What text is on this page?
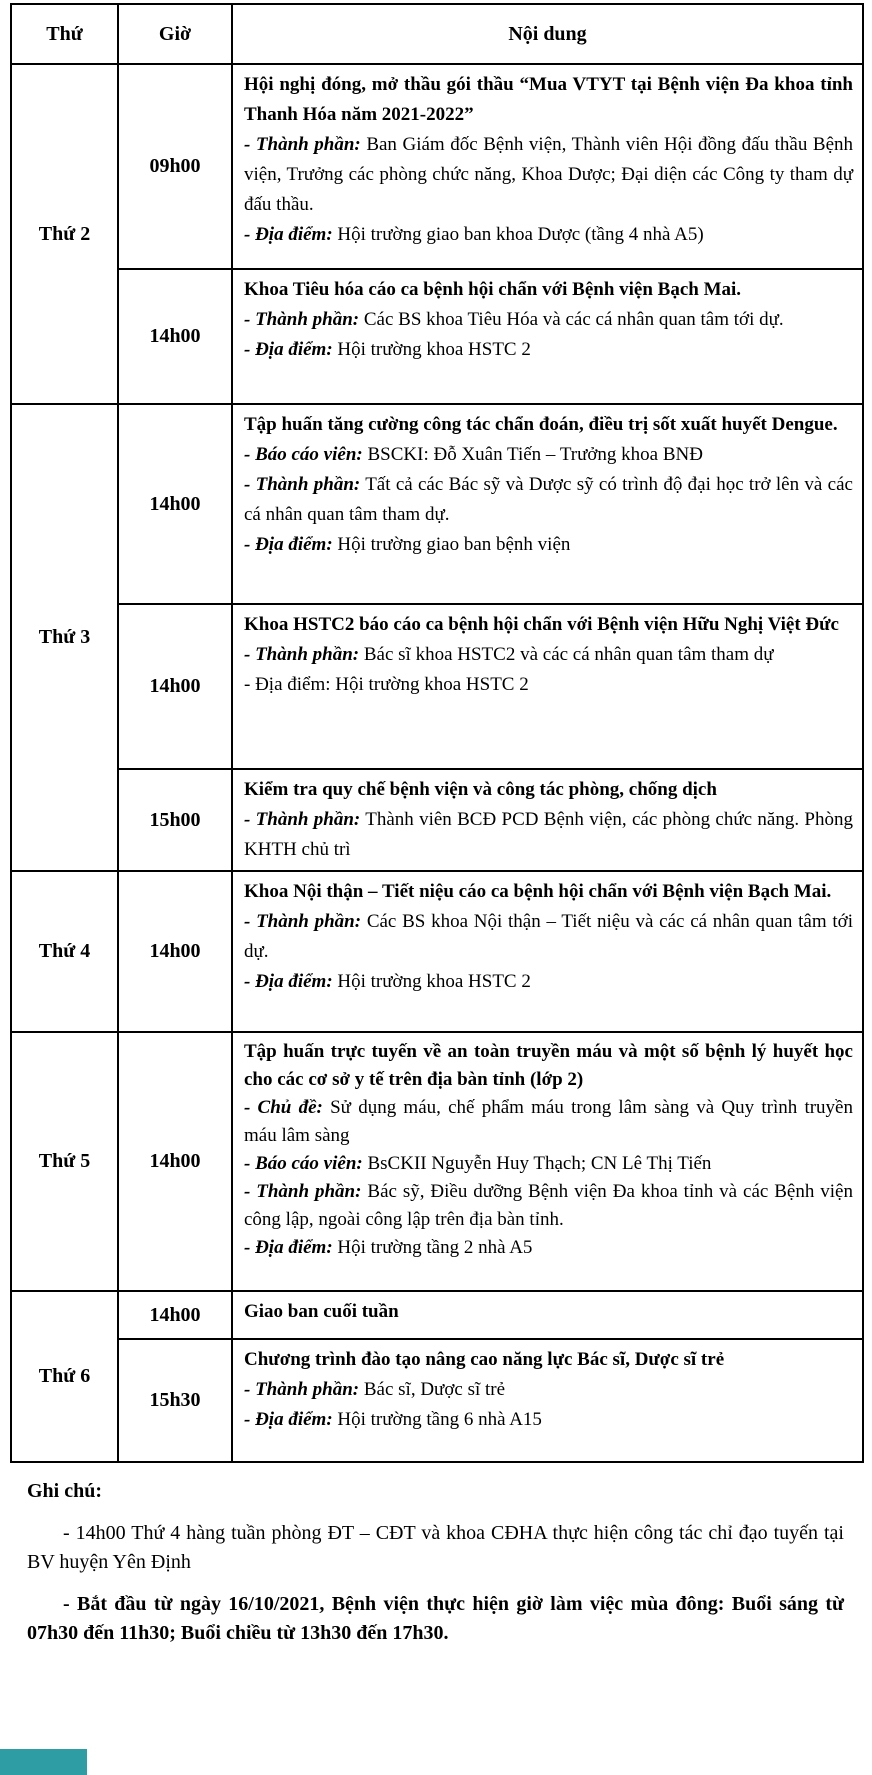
Thứ	Giờ	Nội dung
Thứ 2	09h00	Hội nghị đóng, mở thầu gói thầu “Mua VTYT tại Bệnh viện Đa khoa tỉnh Thanh Hóa năm 2021-2022”

- Thành phần: Ban Giám đốc Bệnh viện, Thành viên Hội đồng đấu thầu Bệnh viện, Trưởng các phòng chức năng, Khoa Dược; Đại diện các Công ty tham dự đấu thầu.

- Địa điểm: Hội trường giao ban khoa Dược (tầng 4 nhà A5)

	14h00	Khoa Tiêu hóa cáo ca bệnh hội chẩn với Bệnh viện Bạch Mai.

- Thành phần: Các BS khoa Tiêu Hóa và các cá nhân quan tâm tới dự.

- Địa điểm: Hội trường khoa HSTC 2

Thứ 3	14h00	Tập huấn tăng cường công tác chẩn đoán, điều trị sốt xuất huyết Dengue.

- Báo cáo viên: BSCKI: Đỗ Xuân Tiến – Trưởng khoa BNĐ

- Thành phần: Tất cả các Bác sỹ và Dược sỹ có trình độ đại học trở lên và các cá nhân quan tâm tham dự.

- Địa điểm: Hội trường giao ban bệnh viện

	14h00	Khoa HSTC2 báo cáo ca bệnh hội chẩn với Bệnh viện Hữu Nghị Việt Đức

- Thành phần: Bác sĩ khoa HSTC2 và các cá nhân quan tâm tham dự

- Địa điểm: Hội trường khoa HSTC 2

	15h00	Kiểm tra quy chế bệnh viện và công tác phòng, chống dịch

- Thành phần: Thành viên BCĐ PCD Bệnh viện, các phòng chức năng. Phòng KHTH chủ trì

Thứ 4	14h00	Khoa Nội thận – Tiết niệu cáo ca bệnh hội chẩn với Bệnh viện Bạch Mai.

- Thành phần: Các BS khoa Nội thận – Tiết niệu và các cá nhân quan tâm tới dự.

- Địa điểm: Hội trường khoa HSTC 2

Thứ 5	14h00	Tập huấn trực tuyến về an toàn truyền máu và một số bệnh lý huyết học cho các cơ sở y tế trên địa bàn tỉnh (lớp 2)

- Chủ đề: Sử dụng máu, chế phẩm máu trong lâm sàng và Quy trình truyền máu lâm sàng

- Báo cáo viên: BsCKII Nguyễn Huy Thạch; CN Lê Thị Tiến

- Thành phần: Bác sỹ, Điều dưỡng Bệnh viện Đa khoa tỉnh và các Bệnh viện công lập, ngoài công lập trên địa bàn tỉnh.

- Địa điểm: Hội trường tầng 2 nhà A5

Thứ 6	14h00	Giao ban cuối tuần

	15h30	Chương trình đào tạo nâng cao năng lực Bác sĩ, Dược sĩ trẻ

- Thành phần: Bác sĩ, Dược sĩ trẻ

- Địa điểm: Hội trường tầng 6 nhà A15

Ghi chú:

- 14h00 Thứ 4 hàng tuần phòng ĐT – CĐT và khoa CĐHA thực hiện công tác chỉ đạo tuyến tại BV huyện Yên Định

- Bắt đầu từ ngày 16/10/2021, Bệnh viện thực hiện giờ làm việc mùa đông: Buổi sáng từ 07h30 đến 11h30; Buổi chiều từ 13h30 đến 17h30.
